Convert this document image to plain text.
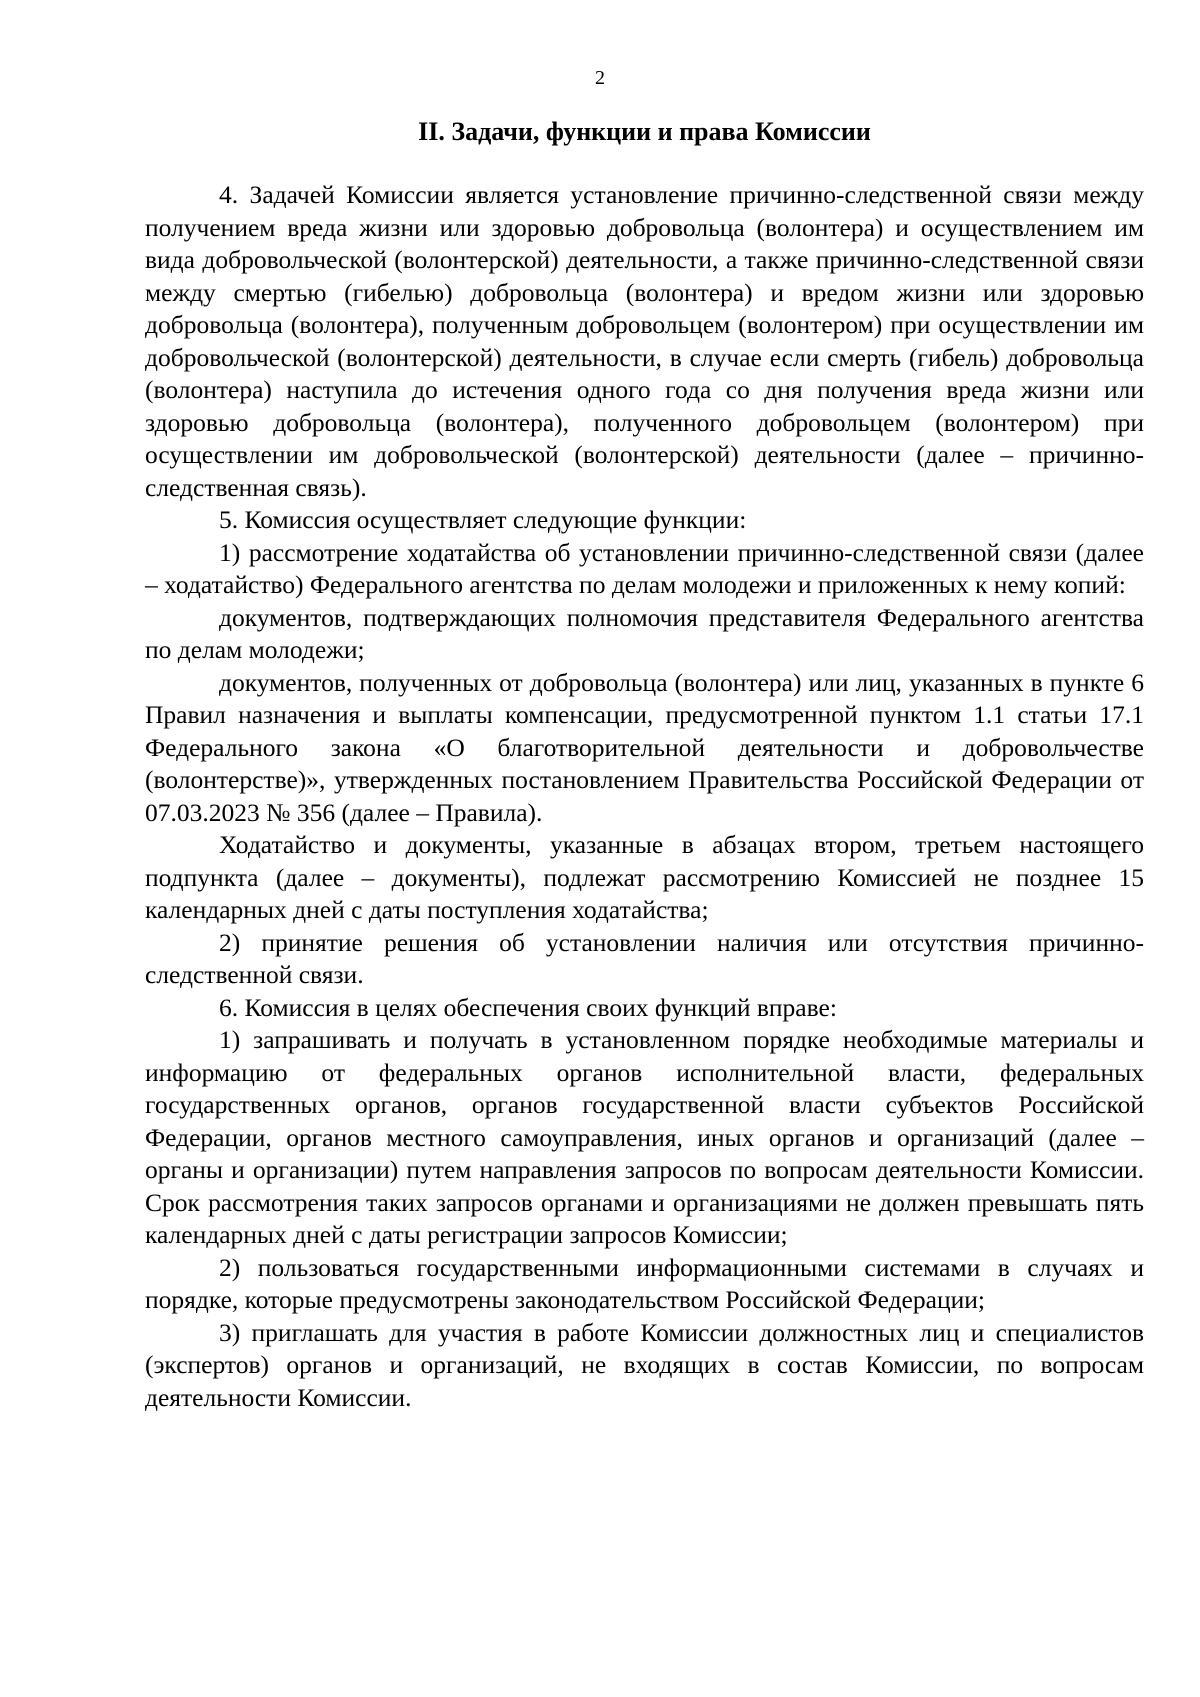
2
II. Задачи, функции и права Комиссии

4. Задачей Комиссии является установление причинно-следственной связи между получением вреда жизни или здоровью добровольца (волонтера) и осуществлением им вида добровольческой (волонтерской) деятельности, а также причинно-следственной связи между смертью (гибелью) добровольца (волонтера) и вредом жизни или здоровью добровольца (волонтера), полученным добровольцем (волонтером) при осуществлении им добровольческой (волонтерской) деятельности, в случае если смерть (гибель) добровольца (волонтера) наступила до истечения одного года со дня получения вреда жизни или здоровью добровольца (волонтера), полученного добровольцем (волонтером) при осуществлении им добровольческой (волонтерской) деятельности (далее – причинно-следственная связь).

5. Комиссия осуществляет следующие функции:

1) рассмотрение ходатайства об установлении причинно-следственной связи (далее – ходатайство) Федерального агентства по делам молодежи и приложенных к нему копий:

документов, подтверждающих полномочия представителя Федерального агентства по делам молодежи;

документов, полученных от добровольца (волонтера) или лиц, указанных в пункте 6 Правил назначения и выплаты компенсации, предусмотренной пунктом 1.1 статьи 17.1 Федерального закона «О благотворительной деятельности и добровольчестве (волонтерстве)», утвержденных постановлением Правительства Российской Федерации от 07.03.2023 № 356 (далее – Правила).

Ходатайство и документы, указанные в абзацах втором, третьем настоящего подпункта (далее – документы), подлежат рассмотрению Комиссией не позднее 15 календарных дней с даты поступления ходатайства;

2) принятие решения об установлении наличия или отсутствия причинно-следственной связи.

6. Комиссия в целях обеспечения своих функций вправе:

1) запрашивать и получать в установленном порядке необходимые материалы и информацию от федеральных органов исполнительной власти, федеральных государственных органов, органов государственной власти субъектов Российской Федерации, органов местного самоуправления, иных органов и организаций (далее – органы и организации) путем направления запросов по вопросам деятельности Комиссии. Срок рассмотрения таких запросов органами и организациями не должен превышать пять календарных дней с даты регистрации запросов Комиссии;

2) пользоваться государственными информационными системами в случаях и порядке, которые предусмотрены законодательством Российской Федерации;

3) приглашать для участия в работе Комиссии должностных лиц и специалистов (экспертов) органов и организаций, не входящих в состав Комиссии, по вопросам деятельности Комиссии.
